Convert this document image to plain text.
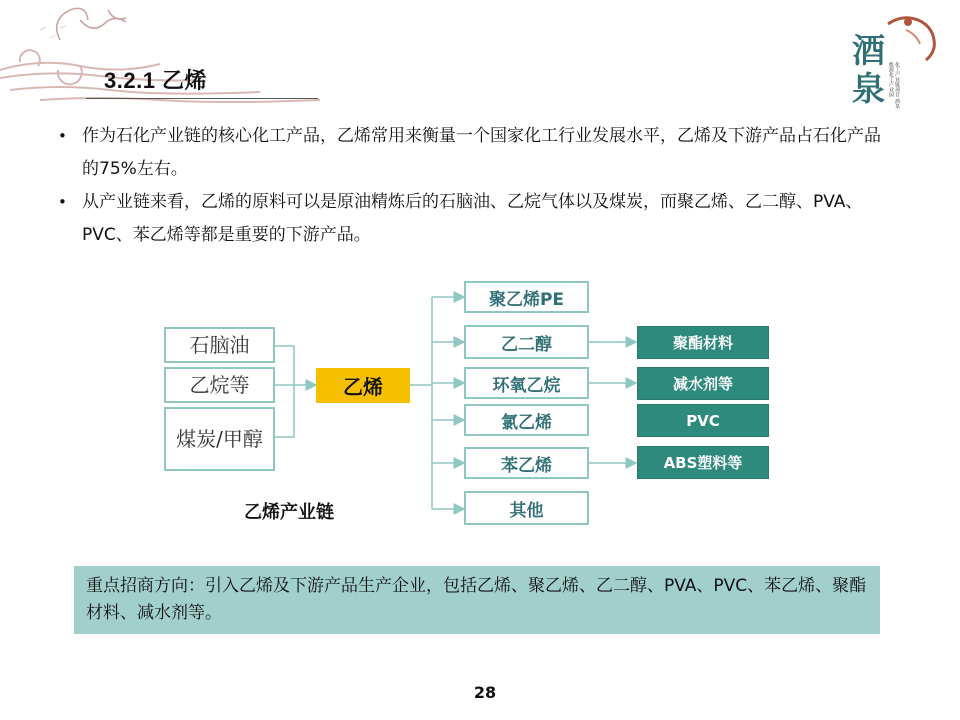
酒
泉	化工产业链项目 酒泉能源化工产业园
3.2.1 乙烯
• 作为石化产业链的核心化工产品，乙烯常用来衡量一个国家化工行业发展水平，乙烯及下游产品占石化产品的75%左右。
• 从产业链来看，乙烯的原料可以是原油精炼后的石脑油、乙烷气体以及煤炭，而聚乙烯、乙二醇、PVA、PVC、苯乙烯等都是重要的下游产品。
石脑油
乙烷等
煤炭/甲醇
乙烯
聚乙烯PE
乙二醇
环氧乙烷
氯乙烯
苯乙烯
其他
聚酯材料
减水剂等
PVC
ABS塑料等
乙烯产业链
重点招商方向：引入乙烯及下游产品生产企业，包括乙烯、聚乙烯、乙二醇、PVA、PVC、苯乙烯、聚酯材料、减水剂等。
28
